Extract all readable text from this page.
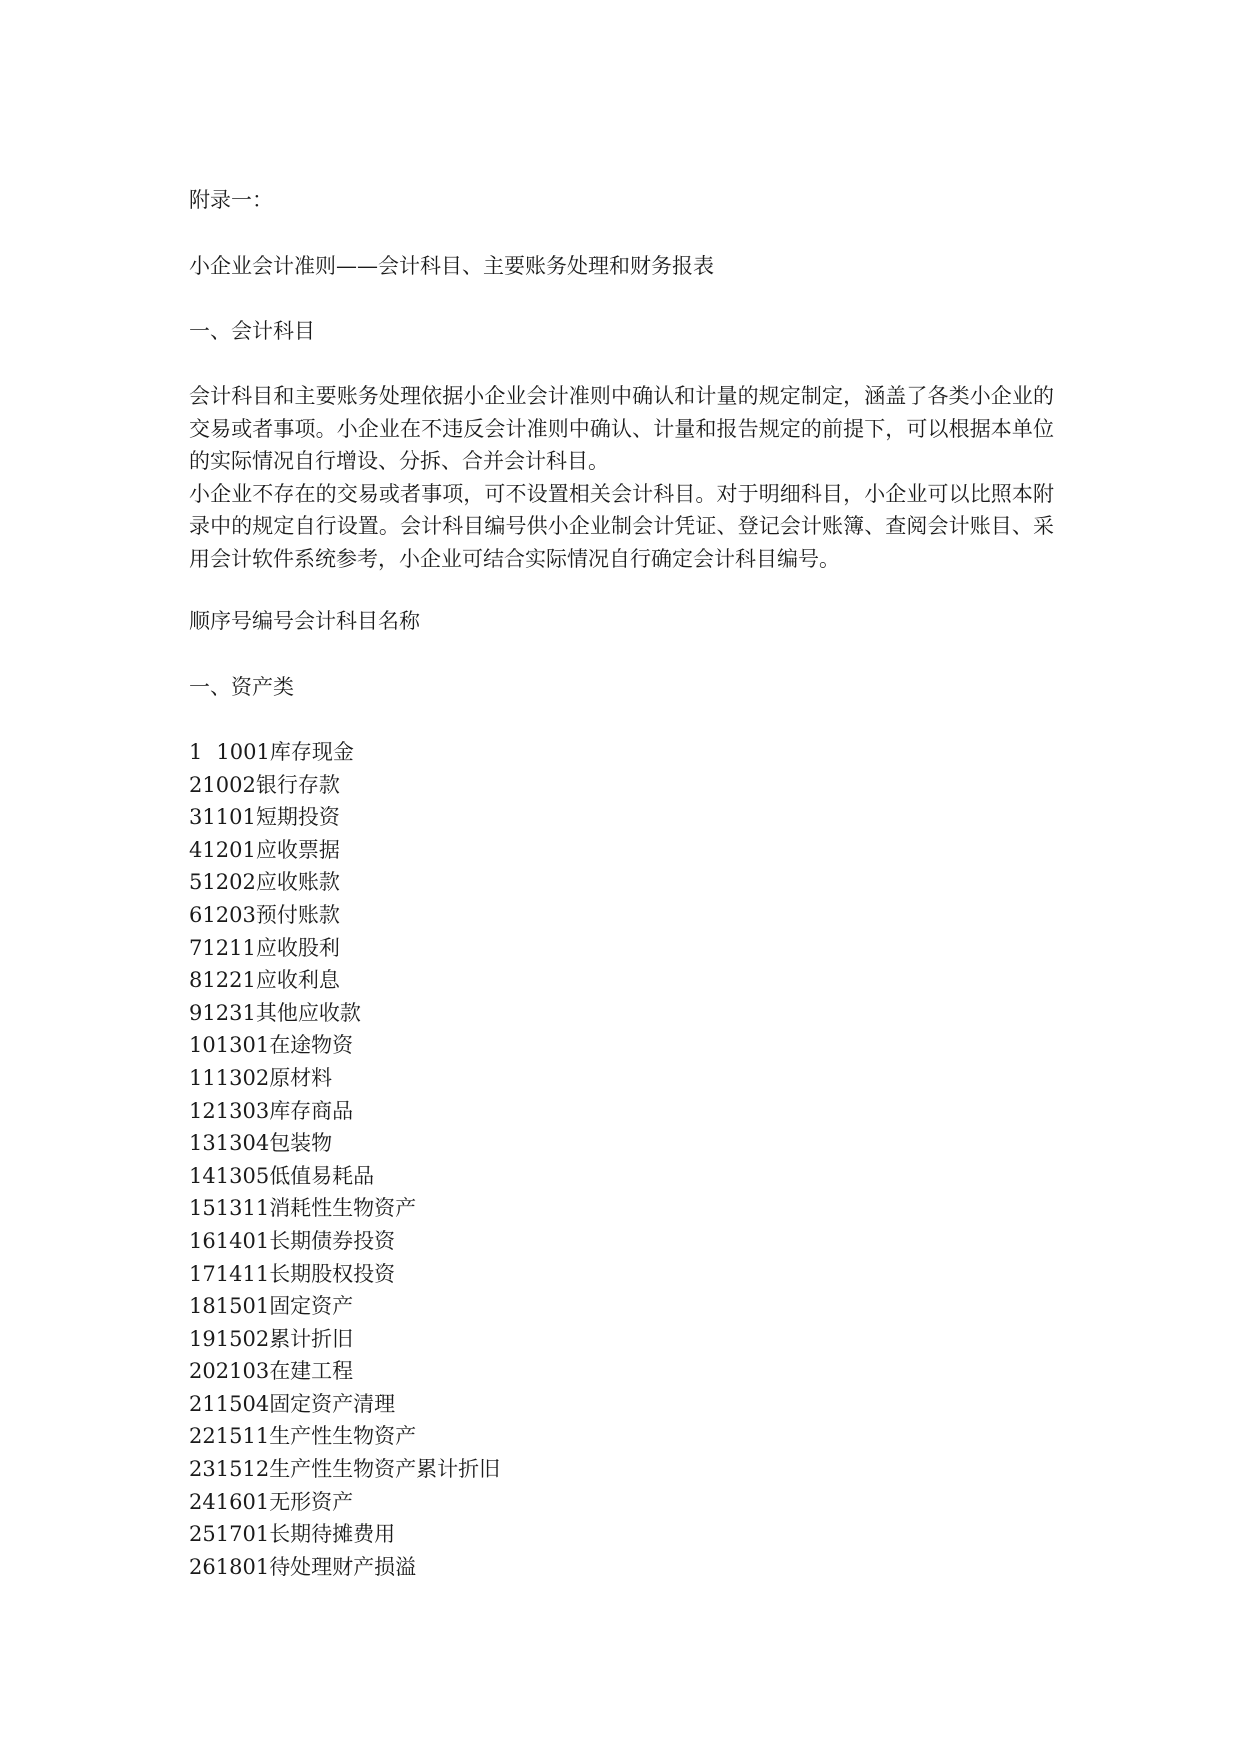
附录一：
小企业会计准则——会计科目、主要账务处理和财务报表
一、会计科目

会计科目和主要账务处理依据小企业会计准则中确认和计量的规定制定，涵盖了各类小企业的交易或者事项。小企业在不违反会计准则中确认、计量和报告规定的前提下，可以根据本单位的实际情况自行增设、分拆、合并会计科目。

小企业不存在的交易或者事项，可不设置相关会计科目。对于明细科目，小企业可以比照本附录中的规定自行设置。会计科目编号供小企业制会计凭证、登记会计账簿、查阅会计账目、采用会计软件系统参考，小企业可结合实际情况自行确定会计科目编号。

顺序号编号会计科目名称
一、资产类
1 1001库存现金
21002银行存款
31101短期投资
41201应收票据
51202应收账款
61203预付账款
71211应收股利
81221应收利息
91231其他应收款
101301在途物资
111302原材料
121303库存商品
131304包装物
141305低值易耗品
151311消耗性生物资产
161401长期债券投资
171411长期股权投资
181501固定资产
191502累计折旧
202103在建工程
211504固定资产清理
221511生产性生物资产
231512生产性生物资产累计折旧
241601无形资产
251701长期待摊费用
261801待处理财产损溢
